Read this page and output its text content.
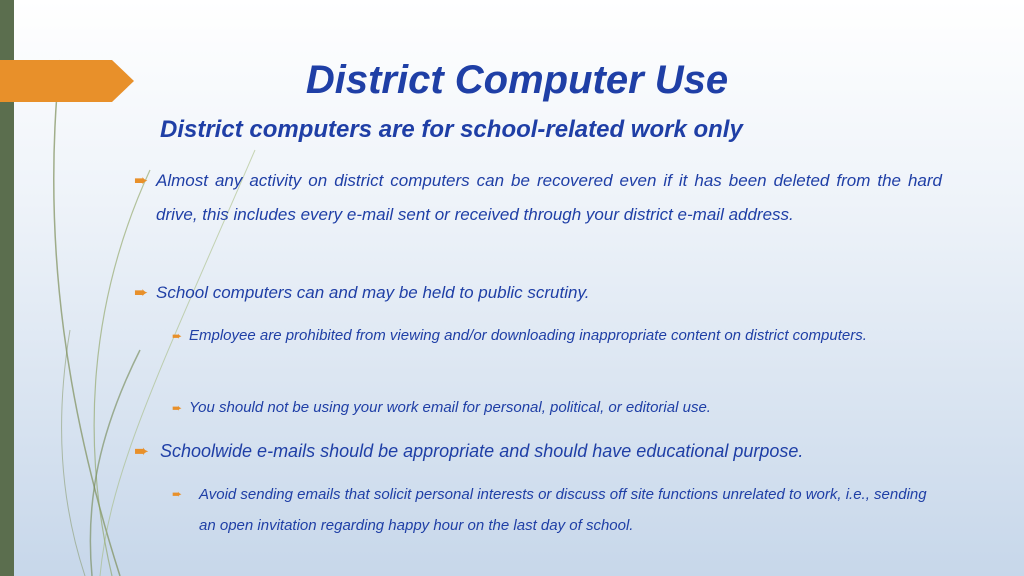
District Computer Use
District computers are for school-related work only
➨ Almost any activity on district computers can be recovered even if it has been deleted from the hard drive, this includes every e-mail sent or received through your district e-mail address.
➨ School computers can and may be held to public scrutiny.
➨ Employee are prohibited from viewing and/or downloading inappropriate content on district computers.
➨ You should not be using your work email for personal, political, or editorial use.
➨ Schoolwide e-mails should be appropriate and should have educational purpose.
➨	Avoid sending emails that solicit personal interests or discuss off site functions unrelated to work, i.e., sending an open invitation regarding happy hour on the last day of school.
